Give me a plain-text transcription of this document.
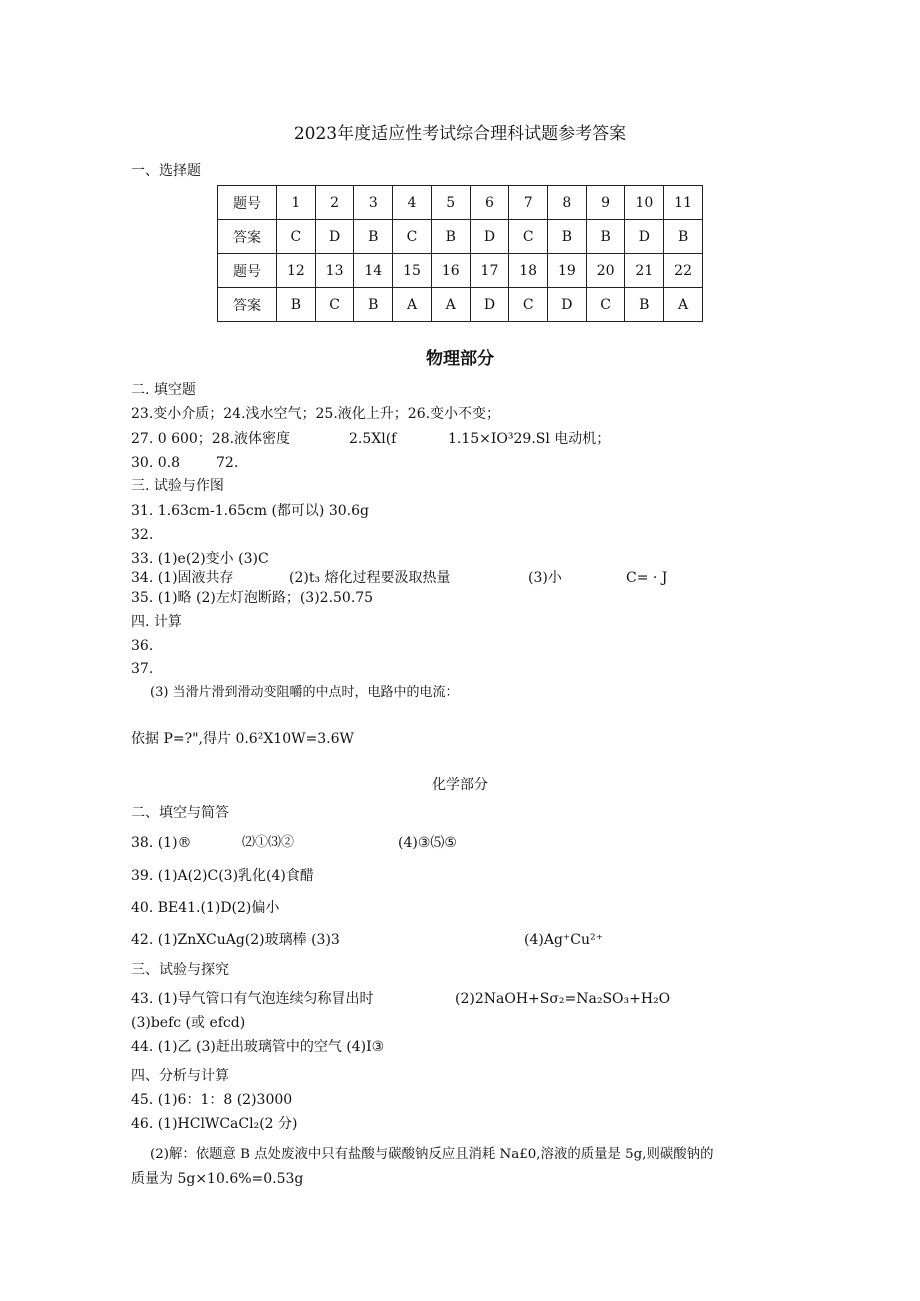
2023年度适应性考试综合理科试题参考答案
一、选择题
题号	1	2	3	4	5	6	7	8	9	10	11
答案	C	D	B	C	B	D	C	B	B	D	B
题号	12	13	14	15	16	17	18	19	20	21	22
答案	B	C	B	A	A	D	C	D	C	B	A
物理部分
二. 填空题
23.变小介质；24.浅水空气；25.液化上升；26.变小不变；
27. 0 600；28.液体密度	2.5Xl(f	1.15×IO³29.Sl 电动机；
30. 0.8	72.
三. 试验与作图
31. 1.63cm-1.65cm (都可以) 30.6g
32.
33. (1)e(2)变小 (3)C
34. (1)固液共存	(2)t₃ 熔化过程要汲取热量	(3)小	C= · J
35. (1)略 (2)左灯泡断路；(3)2.50.75
四. 计算
36.
37.
(3) 当滑片滑到滑动变阻嚼的中点时，电路中的电流：
依据 P=?",得片 0.6²X10W=3.6W
化学部分
二、填空与简答
38. (1)®	⑵①⑶②	(4)③⑸⑤
39. (1)A(2)C(3)乳化(4)食醋
40. BE41.(1)D(2)偏小
42. (1)ZnXCuAg(2)玻璃棒 (3)3	(4)Ag⁺Cu²⁺
三、试验与探究
43. (1)导气管口有气泡连续匀称冒出时	(2)2NaOH+Sσ₂=Na₂SO₃+H₂O
(3)befc (或 efcd)
44. (1)乙 (3)赶出玻璃管中的空气 (4)I③
四、分析与计算
45. (1)6：1：8 (2)3000
46. (1)HClWCaCl₂(2 分)
(2)解：依题意 B 点处废液中只有盐酸与碳酸钠反应且消耗 Na£0,溶液的质量是 5g,则碳酸钠的
质量为 5g×10.6%=0.53g
